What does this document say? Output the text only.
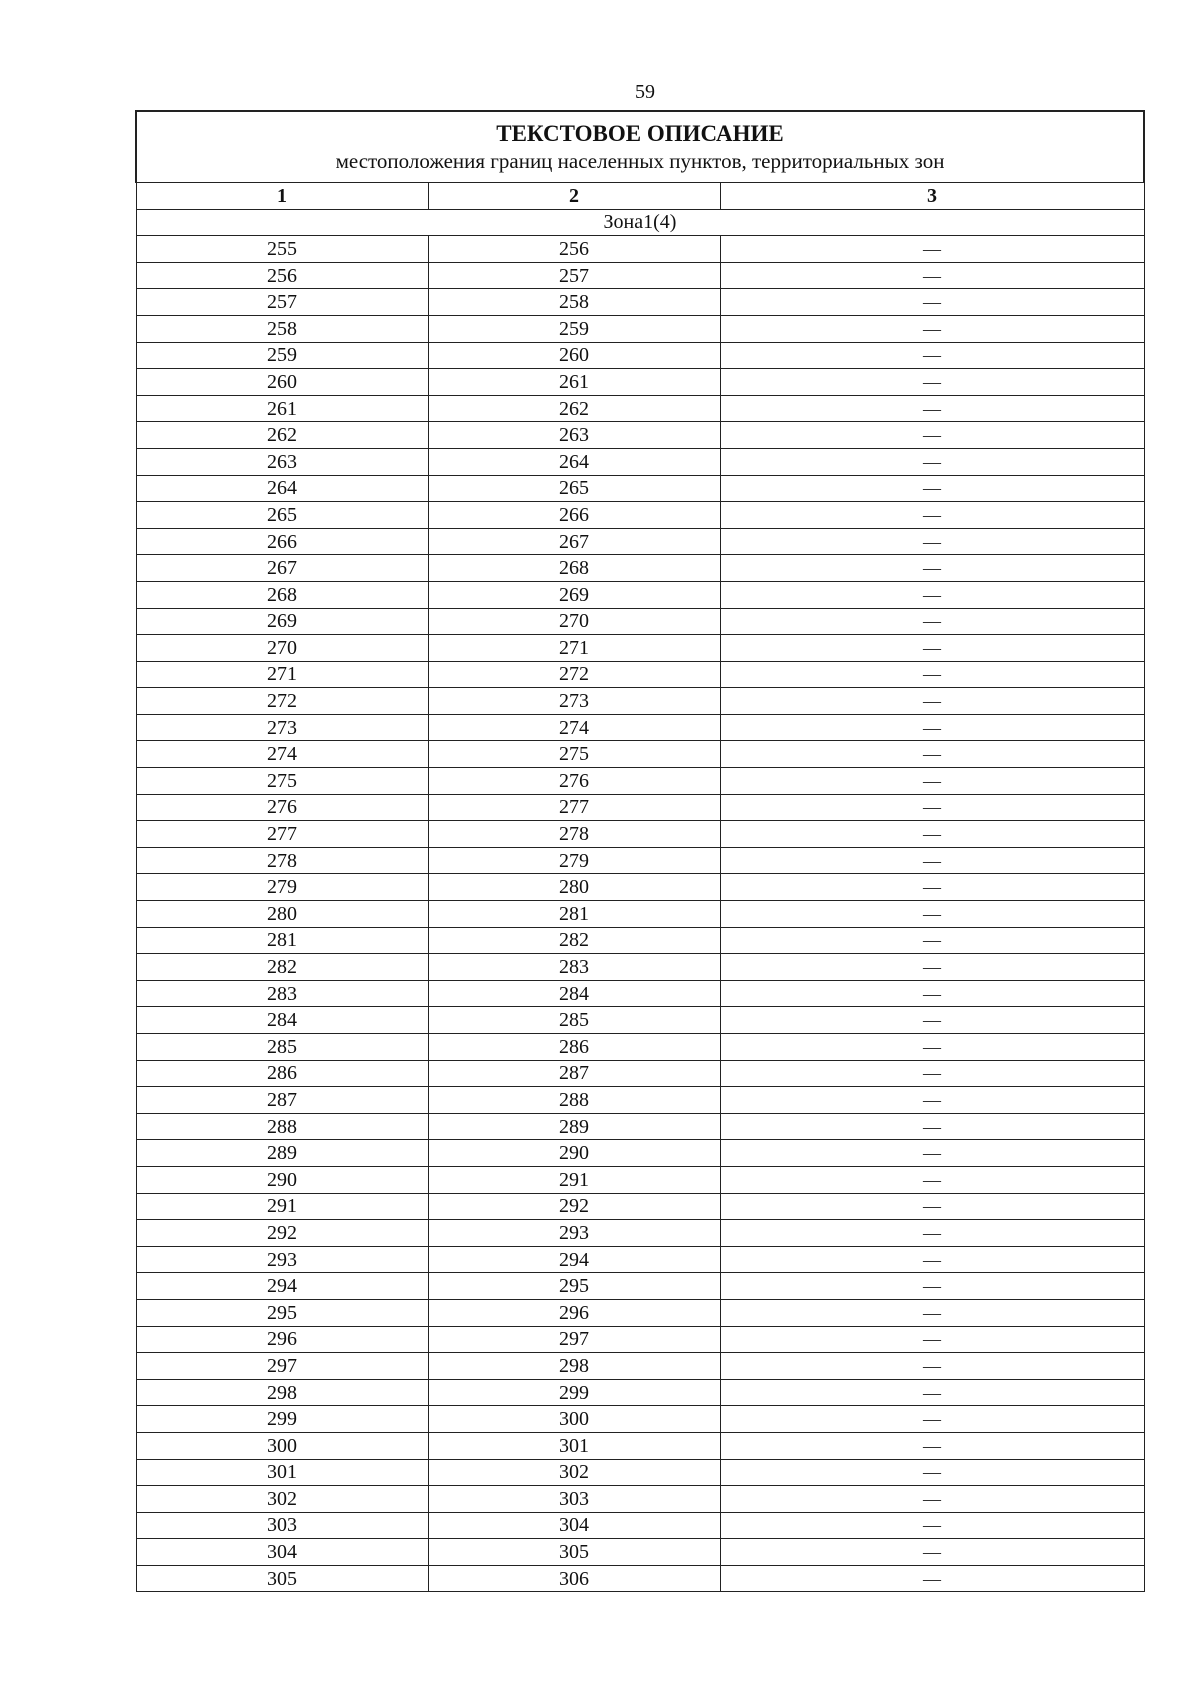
59
ТЕКСТОВОЕ ОПИСАНИЕ
местоположения границ населенных пунктов, территориальных зон		

1	2	3
Зона1(4)		
255	256	—
256	257	—
257	258	—
258	259	—
259	260	—
260	261	—
261	262	—
262	263	—
263	264	—
264	265	—
265	266	—
266	267	—
267	268	—
268	269	—
269	270	—
270	271	—
271	272	—
272	273	—
273	274	—
274	275	—
275	276	—
276	277	—
277	278	—
278	279	—
279	280	—
280	281	—
281	282	—
282	283	—
283	284	—
284	285	—
285	286	—
286	287	—
287	288	—
288	289	—
289	290	—
290	291	—
291	292	—
292	293	—
293	294	—
294	295	—
295	296	—
296	297	—
297	298	—
298	299	—
299	300	—
300	301	—
301	302	—
302	303	—
303	304	—
304	305	—
305	306	—
